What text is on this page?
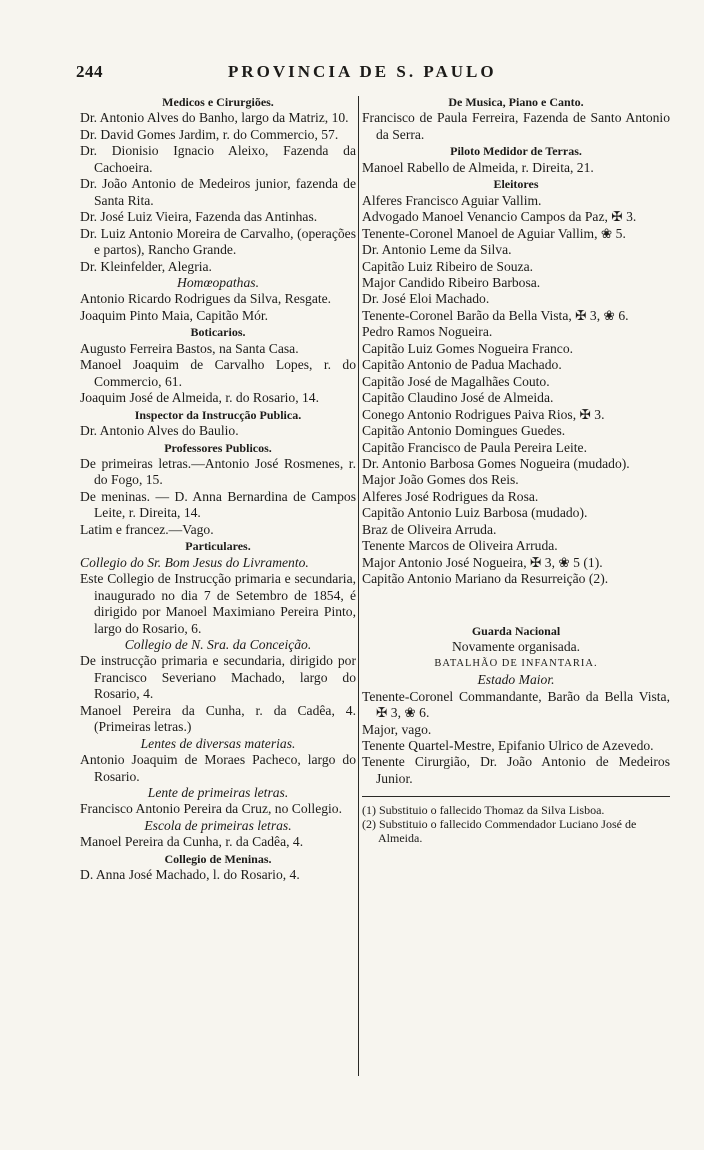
244	PROVINCIA DE S. PAULO

Medicos e Cirurgiões.

Dr. Antonio Alves do Banho, largo da Matriz, 10.

Dr. David Gomes Jardim, r. do Commercio, 57.

Dr. Dionisio Ignacio Aleixo, Fazenda da Cachoeira.

Dr. João Antonio de Medeiros junior, fazenda de Santa Rita.

Dr. José Luiz Vieira, Fazenda das Antinhas.

Dr. Luiz Antonio Moreira de Carvalho, (operações e partos), Rancho Grande.

Dr. Kleinfelder, Alegria.

Homœopathas.

Antonio Ricardo Rodrigues da Silva, Resgate.

Joaquim Pinto Maia, Capitão Mór.

Boticarios.

Augusto Ferreira Bastos, na Santa Casa.

Manoel Joaquim de Carvalho Lopes, r. do Commercio, 61.

Joaquim José de Almeida, r. do Rosario, 14.

Inspector da Instrucção Publica.

Dr. Antonio Alves do Baulio.

Professores Publicos.

De primeiras letras.—Antonio José Rosmenes, r. do Fogo, 15.

De meninas. — D. Anna Bernardina de Campos Leite, r. Direita, 14.

Latim e francez.—Vago.

Particulares.

Collegio do Sr. Bom Jesus do Livramento.

Este Collegio de Instrucção primaria e secundaria, inaugurado no dia 7 de Setembro de 1854, é dirigido por Manoel Maximiano Pereira Pinto, largo do Rosario, 6.

Collegio de N. Sra. da Conceição.

De instrucção primaria e secundaria, dirigido por Francisco Severiano Machado, largo do Rosario, 4.

Manoel Pereira da Cunha, r. da Cadêa, 4. (Primeiras letras.)

Lentes de diversas materias.

Antonio Joaquim de Moraes Pacheco, largo do Rosario.

Lente de primeiras letras.

Francisco Antonio Pereira da Cruz, no Collegio.

Escola de primeiras letras.

Manoel Pereira da Cunha, r. da Cadêa, 4.

Collegio de Meninas.

D. Anna José Machado, l. do Rosario, 4.

De Musica, Piano e Canto.

Francisco de Paula Ferreira, Fazenda de Santo Antonio da Serra.

Piloto Medidor de Terras.

Manoel Rabello de Almeida, r. Direita, 21.

Eleitores

Alferes Francisco Aguiar Vallim.

Advogado Manoel Venancio Campos da Paz, ✠ 3.

Tenente-Coronel Manoel de Aguiar Vallim, ❀ 5.

Dr. Antonio Leme da Silva.

Capitão Luiz Ribeiro de Souza.

Major Candido Ribeiro Barbosa.

Dr. José Eloi Machado.

Tenente-Coronel Barão da Bella Vista, ✠ 3, ❀ 6.

Pedro Ramos Nogueira.

Capitão Luiz Gomes Nogueira Franco.

Capitão Antonio de Padua Machado.

Capitão José de Magalhães Couto.

Capitão Claudino José de Almeida.

Conego Antonio Rodrigues Paiva Rios, ✠ 3.

Capitão Antonio Domingues Guedes.

Capitão Francisco de Paula Pereira Leite.

Dr. Antonio Barbosa Gomes Nogueira (mudado).

Major João Gomes dos Reis.

Alferes José Rodrigues da Rosa.

Capitão Antonio Luiz Barbosa (mudado).

Braz de Oliveira Arruda.

Tenente Marcos de Oliveira Arruda.

Major Antonio José Nogueira, ✠ 3, ❀ 5 (1).

Capitão Antonio Mariano da Resurreição (2).

Guarda Nacional

Novamente organisada.

BATALHÃO DE INFANTARIA.

Estado Maior.

Tenente-Coronel Commandante, Barão da Bella Vista, ✠ 3, ❀ 6.

Major, vago.

Tenente Quartel-Mestre, Epifanio Ulrico de Azevedo.

Tenente Cirurgião, Dr. João Antonio de Medeiros Junior.

(1) Substituio o fallecido Thomaz da Silva Lisboa.

(2) Substituio o fallecido Commendador Luciano José de Almeida.
